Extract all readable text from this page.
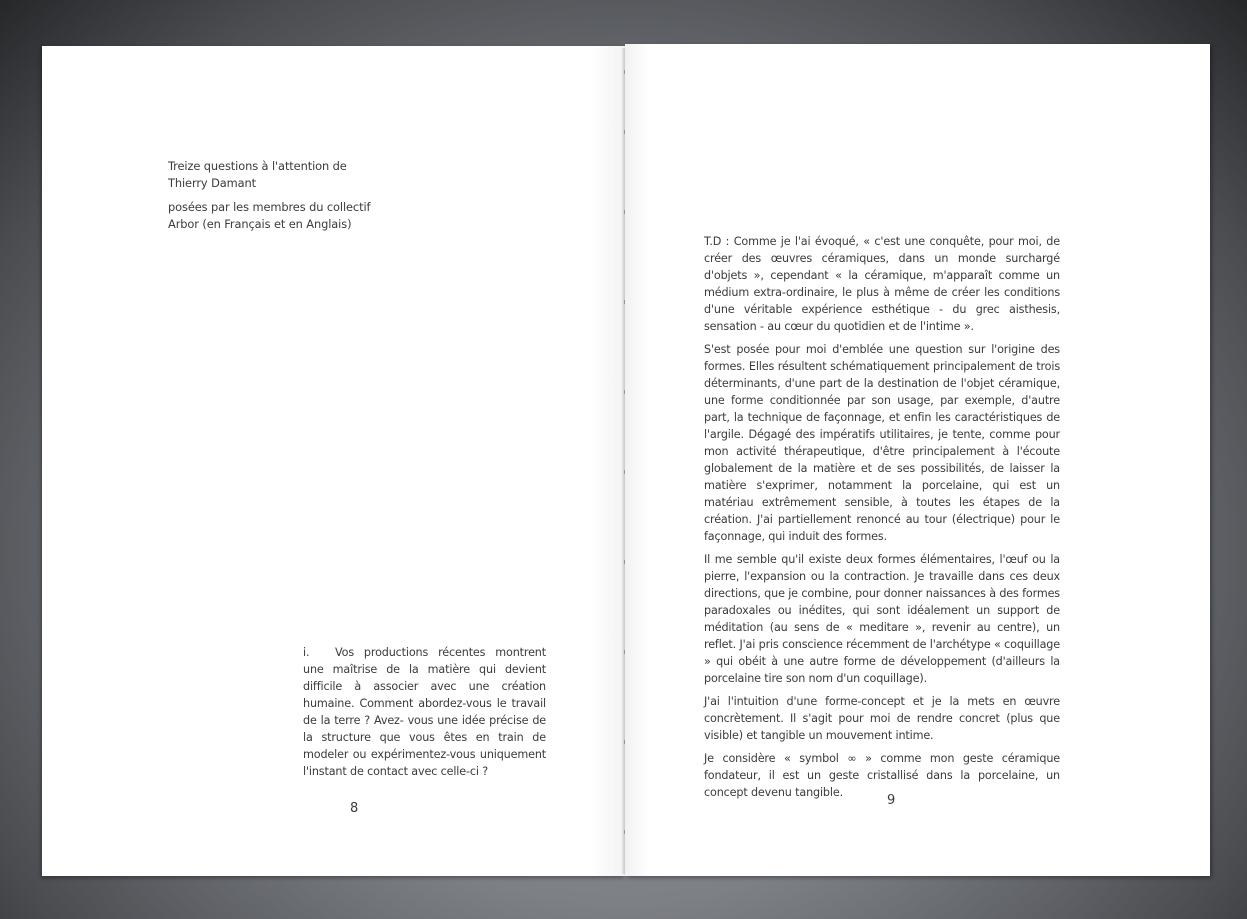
Treize questions à l'attention de
Thierry Damant

posées par les membres du collectif
Arbor (en Français et en Anglais)

i. Vos productions récentes montrent une maîtrise de la matière qui devient difficile à associer avec une création humaine. Comment abordez-vous le travail de la terre ? Avez- vous une idée précise de la structure que vous êtes en train de modeler ou expérimentez-vous uniquement l'instant de contact avec celle-ci ?
8

T.D : Comme je l'ai évoqué, « c'est une conquête, pour moi, de créer des œuvres céramiques, dans un monde surchargé d'objets », cependant « la céramique, m'apparaît comme un médium extra-ordinaire, le plus à même de créer les conditions d'une véritable expérience esthétique - du grec aisthesis, sensation - au cœur du quotidien et de l'intime ».

S'est posée pour moi d'emblée une question sur l'origine des formes. Elles résultent schématiquement principalement de trois déterminants, d'une part de la destination de l'objet céramique, une forme conditionnée par son usage, par exemple, d'autre part, la technique de façonnage, et enfin les caractéristiques de l'argile. Dégagé des impératifs utilitaires, je tente, comme pour mon activité thérapeutique, d'être principalement à l'écoute globalement de la matière et de ses possibilités, de laisser la matière s'exprimer, notamment la porcelaine, qui est un matériau extrêmement sensible, à toutes les étapes de la création. J'ai partiellement renoncé au tour (électrique) pour le façonnage, qui induit des formes.

Il me semble qu'il existe deux formes élémentaires, l'œuf ou la pierre, l'expansion ou la contraction. Je travaille dans ces deux directions, que je combine, pour donner naissances à des formes paradoxales ou inédites, qui sont idéalement un support de méditation (au sens de « meditare », revenir au centre), un reflet. J'ai pris conscience récemment de l'archétype « coquillage » qui obéit à une autre forme de développement (d'ailleurs la porcelaine tire son nom d'un coquillage).

J'ai l'intuition d'une forme-concept et je la mets en œuvre concrètement. Il s'agit pour moi de rendre concret (plus que visible) et tangible un mouvement intime.

Je considère « symbol ∞ » comme mon geste céramique fondateur, il est un geste cristallisé dans la porcelaine, un concept devenu tangible.

9
